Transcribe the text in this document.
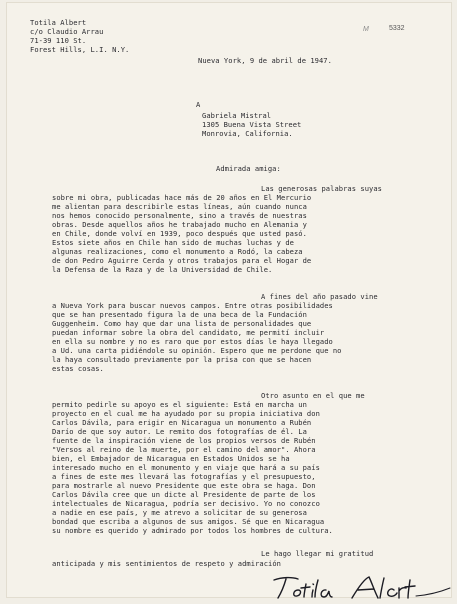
M	5332
Totila Albert
c/o Claudio Arrau
71-39 110 St.
Forest Hills, L.I. N.Y.
Nueva York, 9 de abril de 1947.
A
Gabriela Mistral
1305 Buena Vista Street
Monrovia, California.
Admirada amiga:
Las generosas palabras suyas
sobre mi obra, publicadas hace más de 20 años en El Mercurio
me alientan para describirle estas líneas, aún cuando nunca
nos hemos conocido personalmente, sino a través de nuestras
obras. Desde aquellos años he trabajado mucho en Alemania y
en Chile, donde volví en 1939, poco después que usted pasó.
Estos siete años en Chile han sido de muchas luchas y de
algunas realizaciones, como el monumento a Rodó, la cabeza
de don Pedro Aguirre Cerda y otros trabajos para el Hogar de
la Defensa de la Raza y de la Universidad de Chile.
A fines del año pasado vine
a Nueva York para buscar nuevos campos. Entre otras posibilidades
que se han presentado figura la de una beca de la Fundación
Guggenheim. Como hay que dar una lista de personalidades que
puedan informar sobre la obra del candidato, me permití incluir
en ella su nombre y no es raro que por estos días le haya llegado
a Ud. una carta pidiéndole su opinión. Espero que me perdone que no
la haya consultado previamente por la prisa con que se hacen
estas cosas.
Otro asunto en el que me
permito pedirle su apoyo es el siguiente: Está en marcha un
proyecto en el cual me ha ayudado por su propia iniciativa don
Carlos Dávila, para erigir en Nicaragua un monumento a Rubén
Darío de que soy autor. Le remito dos fotografías de él. La
fuente de la inspiración viene de los propios versos de Rubén
"Versos al reino de la muerte, por el camino del amor". Ahora
bien, el Embajador de Nicaragua en Estados Unidos se ha
interesado mucho en el monumento y en viaje que hará a su país
a fines de este mes llevará las fotografías y el presupuesto,
para mostrarle al nuevo Presidente que este obra se haga. Don
Carlos Dávila cree que un dicte al Presidente de parte de los
intelectuales de Nicaragua, podría ser decisivo. Yo no conozco
a nadie en ese país, y me atrevo a solicitar de su generosa
bondad que escriba a algunos de sus amigos. Sé que en Nicaragua
su nombre es querido y admirado por todos los hombres de cultura.
Le hago llegar mi gratitud
anticipada y mis sentimientos de respeto y admiración
